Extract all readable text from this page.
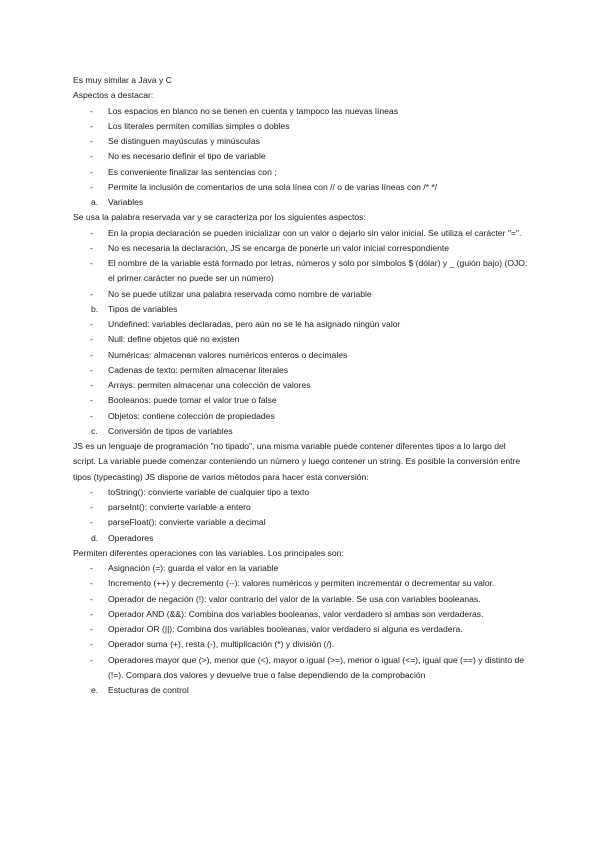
Es muy similar a Java y C
Aspectos a destacar:
- Los espacios en blanco no se tienen en cuenta y tampoco las nuevas líneas
- Los literales permiten comillas simples o dobles
- Se distinguen mayúsculas y minúsculas
- No es necesario definir el tipo de variable
- Es conveniente finalizar las sentencias con ;
- Permite la inclusión de comentarios de una sola línea con // o de varias líneas con /* */
a. Variables
Se usa la palabra reservada var y se caracteriza por los siguientes aspectos:
- En la propia declaración se pueden inicializar con un valor o dejarlo sin valor inicial. Se utiliza el carácter "=".
- No es necesaria la declaración, JS se encarga de ponerle un valor inicial correspondiente
- El nombre de la variable está formado por letras, números y solo por símbolos $ (dólar) y _ (guión bajo) (OJO: el primer carácter no puede ser un número)
- No se puede utilizar una palabra reservada como nombre de variable
b. Tipos de variables
- Undefined: variables declaradas, pero aún no se le ha asignado ningún valor
- Null: define objetos qué no existen
- Numéricas: almacenan valores numéricos enteros o decimales
- Cadenas de texto: permiten almacenar literales
- Arrays: permiten almacenar una colección de valores
- Booleanos: puede tomar el valor true o false
- Objetos: contiene colección de propiedades
c. Conversión de tipos de variables
JS es un lenguaje de programación "no tipado", una misma variable puede contener diferentes tipos a lo largo del script. La variable puede comenzar conteniendo un número y luego contener un string. Es posible la conversión entre tipos (typecasting) JS dispone de varios métodos para hacer esta conversión:
- toString(): convierte variable de cualquier tipo a texto
- parseInt(): convierte variable a entero
- parseFloat(): convierte variable a decimal
d. Operadores
Permiten diferentes operaciones con las variables. Los principales son:
- Asignación (=): guarda el valor en la variable
- Incremento (++) y decremento (--): valores numéricos y permiten incrementar o decrementar su valor.
- Operador de negación (!): valor contrario del valor de la variable. Se usa con variables booleanas.
- Operador AND (&&): Combina dos variables booleanas, valor verdadero si ambas son verdaderas.
- Operador OR (||): Combina dos variables booleanas, valor verdadero si alguna es verdadera.
- Operador suma (+), resta (-), multiplicación (*) y división (/).
- Operadores mayor que (>), menor que (<), mayor o igual (>=), menor o igual (<=), igual que (==) y distinto de (!=). Compara dos valores y devuelve true o false dependiendo de la comprobación
e. Estucturas de control
